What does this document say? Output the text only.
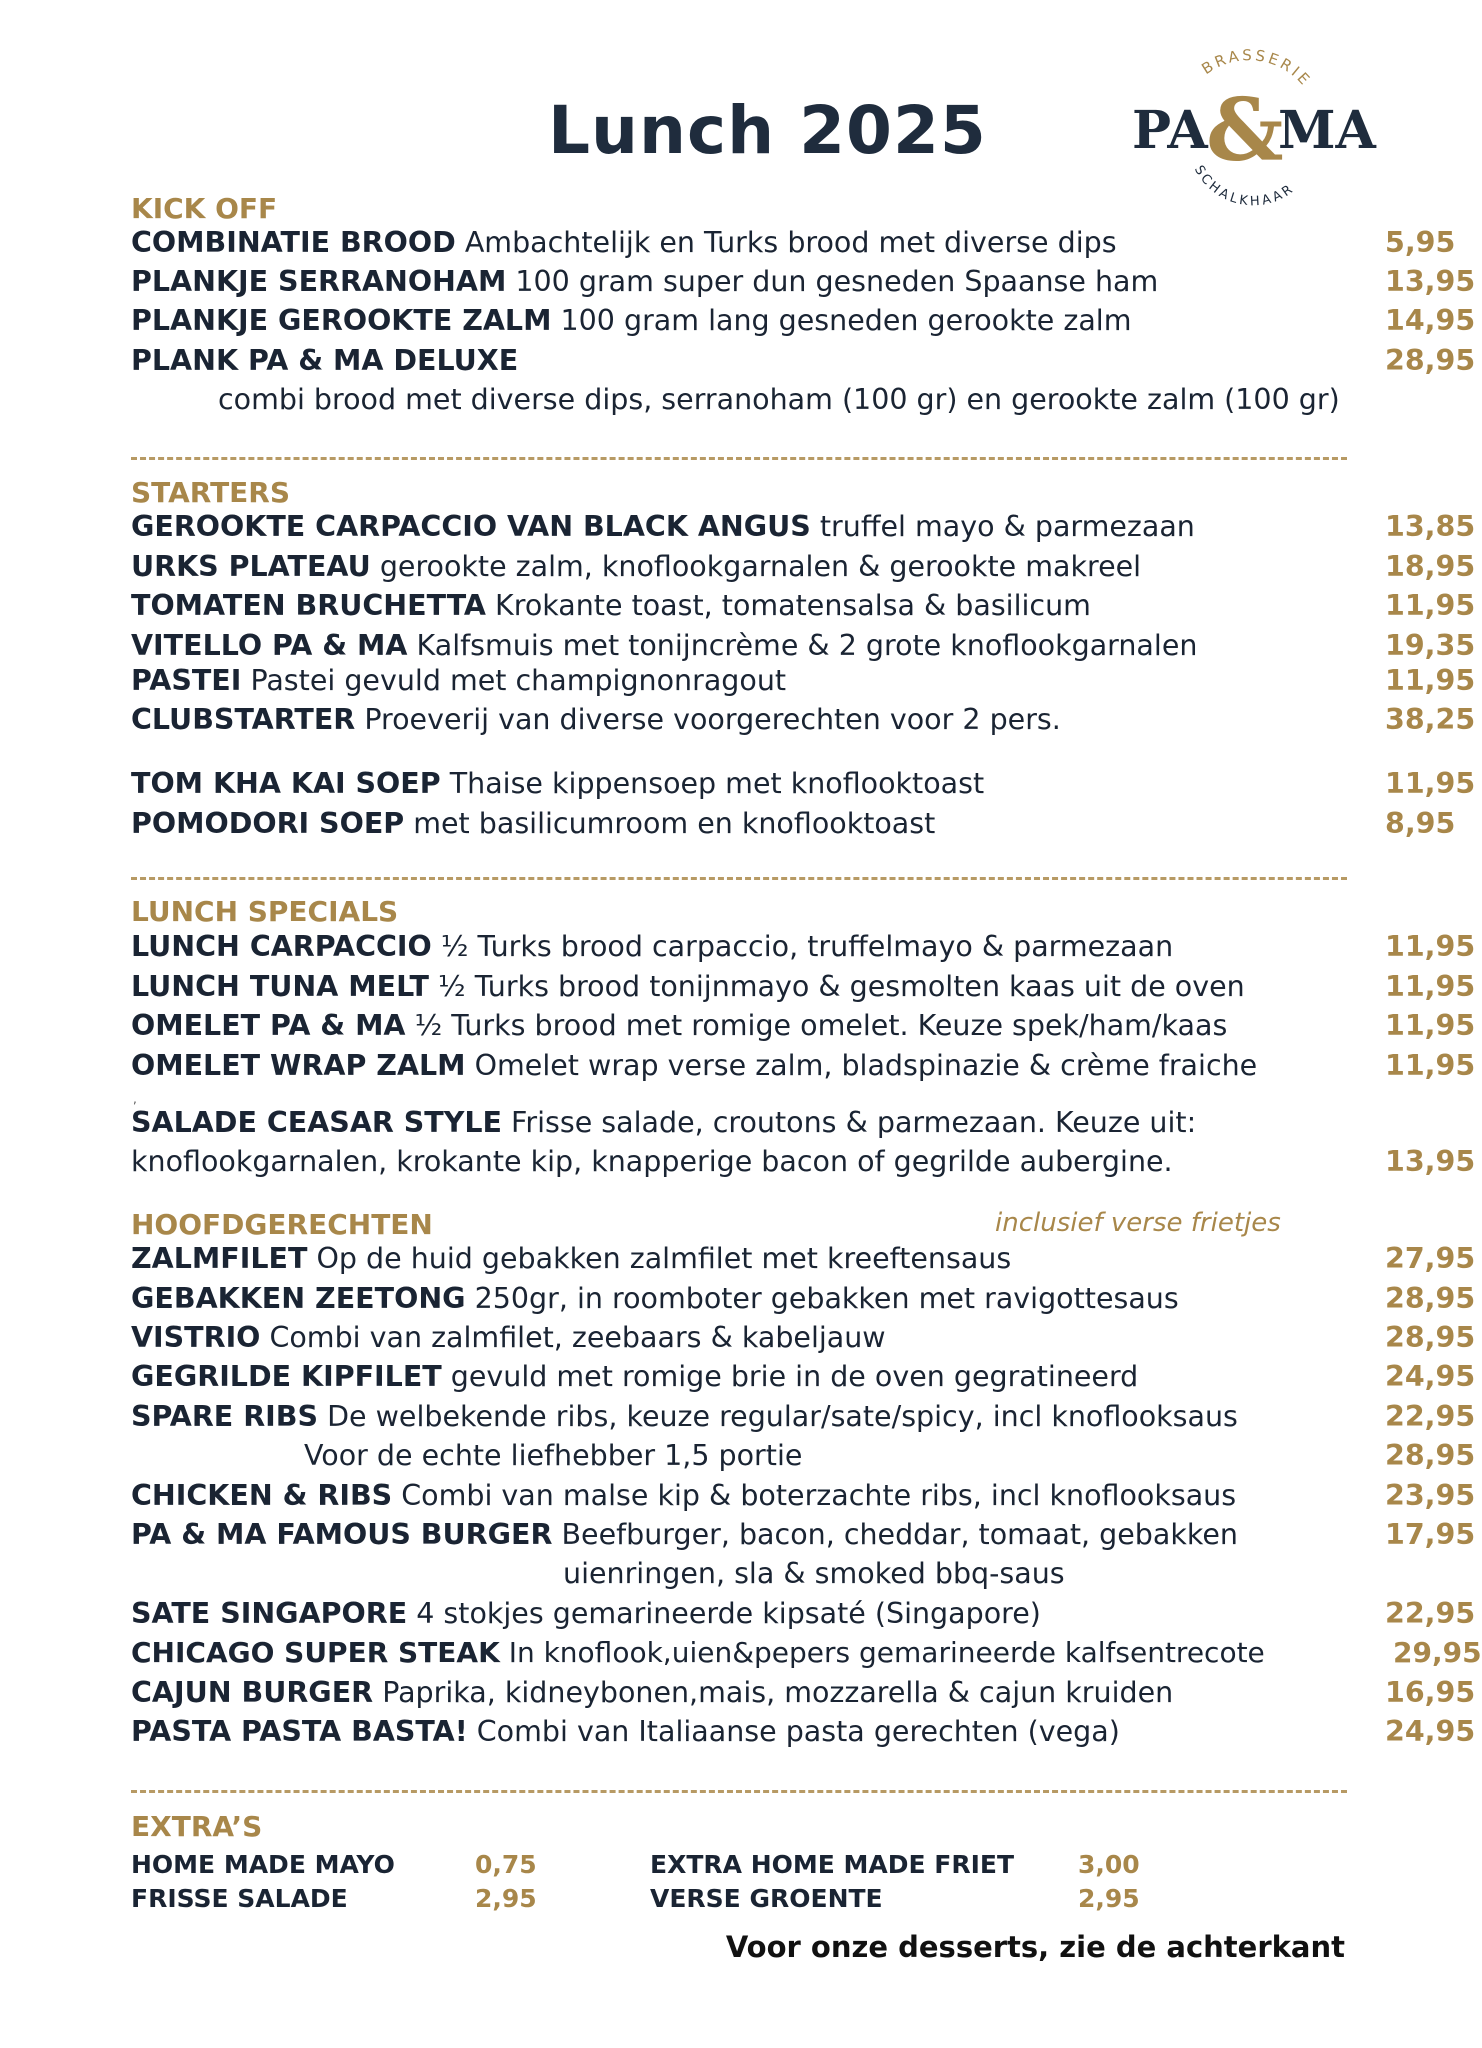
Lunch 2025
BRASSERIE
PA
&
MA
SCHALKHAAR
KICK OFF
COMBINATIE BROOD Ambachtelijk en Turks brood met diverse dips	5,95
PLANKJE SERRANOHAM 100 gram super dun gesneden Spaanse ham	13,95
PLANKJE GEROOKTE ZALM 100 gram lang gesneden gerookte zalm	14,95
PLANK PA & MA DELUXE	28,95
combi brood met diverse dips, serranoham (100 gr) en gerookte zalm (100 gr)
STARTERS
GEROOKTE CARPACCIO VAN BLACK ANGUS truffel mayo & parmezaan	13,85
URKS PLATEAU gerookte zalm, knoflookgarnalen & gerookte makreel	18,95
TOMATEN BRUCHETTA Krokante toast, tomatensalsa & basilicum	11,95
VITELLO PA & MA Kalfsmuis met tonijncrème & 2 grote knoflookgarnalen	19,35
PASTEI Pastei gevuld met champignonragout	11,95
CLUBSTARTER Proeverij van diverse voorgerechten voor 2 pers.	38,25
TOM KHA KAI SOEP Thaise kippensoep met knoflooktoast	11,95
POMODORI SOEP met basilicumroom en knoflooktoast	8,95
LUNCH SPECIALS
LUNCH CARPACCIO ½ Turks brood carpaccio, truffelmayo & parmezaan	11,95
LUNCH TUNA MELT ½ Turks brood tonijnmayo & gesmolten kaas uit de oven	11,95
OMELET PA & MA ½ Turks brood met romige omelet. Keuze spek/ham/kaas	11,95
OMELET WRAP ZALM Omelet wrap verse zalm, bladspinazie & crème fraiche	11,95
,
SALADE CEASAR STYLE Frisse salade, croutons & parmezaan. Keuze uit:
knoflookgarnalen, krokante kip, knapperige bacon of gegrilde aubergine.	13,95
HOOFDGERECHTEN	inclusief verse frietjes
ZALMFILET Op de huid gebakken zalmfilet met kreeftensaus	27,95
GEBAKKEN ZEETONG 250gr, in roomboter gebakken met ravigottesaus	28,95
VISTRIO Combi van zalmfilet, zeebaars & kabeljauw	28,95
GEGRILDE KIPFILET gevuld met romige brie in de oven gegratineerd	24,95
SPARE RIBS De welbekende ribs, keuze regular/sate/spicy, incl knoflooksaus	22,95
Voor de echte liefhebber 1,5 portie	28,95
CHICKEN & RIBS Combi van malse kip & boterzachte ribs, incl knoflooksaus	23,95
PA & MA FAMOUS BURGER Beefburger, bacon, cheddar, tomaat, gebakken	17,95
uienringen, sla & smoked bbq-saus
SATE SINGAPORE 4 stokjes gemarineerde kipsaté (Singapore)	22,95
CHICAGO SUPER STEAK In knoflook,uien&pepers gemarineerde kalfsentrecote	29,95
CAJUN BURGER Paprika, kidneybonen,mais, mozzarella & cajun kruiden	16,95
PASTA PASTA BASTA! Combi van Italiaanse pasta gerechten (vega)	24,95
EXTRA’S
HOME MADE MAYO	0,75
FRISSE SALADE	2,95
EXTRA HOME MADE FRIET	3,00
VERSE GROENTE	2,95
Voor onze desserts, zie de achterkant
